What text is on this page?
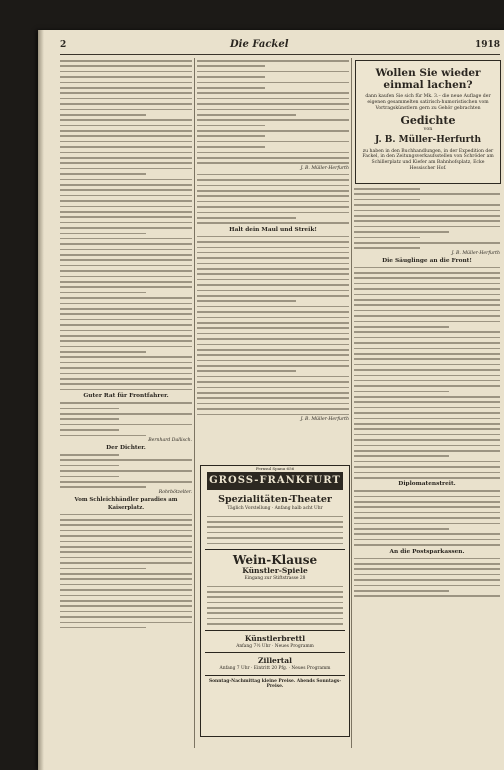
2	Die Fackel	1918
Guter Rat für Frontfahrer.
Bernhard Dallisch.
Der Dichter.
Rohrbötzelter.
Vom Schleichhändler paradies am Kaiserplatz.
J. B. Müller-Herfurth
Halt dein Maul und Streik!
J. B. Müller-Herfurth
Wollen Sie wieder einmal lachen?
dann kaufen Sie sich für Mk. 3.– die neue Auflage der eigenen gesammelten satirisch-humoristischen vom Vortragskünstlern gern zu Gehör gebrachten
Gedichte
von
J. B. Müller-Herfurth
zu haben in den Buchhandlungen, in der Expedition der Fackel, in den Zeitungsverkaufsstellen von Schröder am Schillerplatz und Kiefer am Bahnhofsplatz, Ecke Hessischer Hof.
J. B. Müller-Herfurth
Die Säuglinge an die Front!
Diplomatenstreit.
An die Postsparkassen.
Fernsul Spanu 656
GROSS-FRANKFURT
Spezialitäten-Theater
Täglich Vorstellung · Anfang halb acht Uhr
Wein-Klause
Künstler-Spiele
Eingang zur Stiftstrasse 28
Künstlerbrettl
Anfang 7½ Uhr · Neues Programm
Zillertal
Anfang 7 Uhr · Eintritt 20 Pfg. · Neues Programm
Sonntag-Nachmittag kleine Preise. Abends Sonntags-Preise.
